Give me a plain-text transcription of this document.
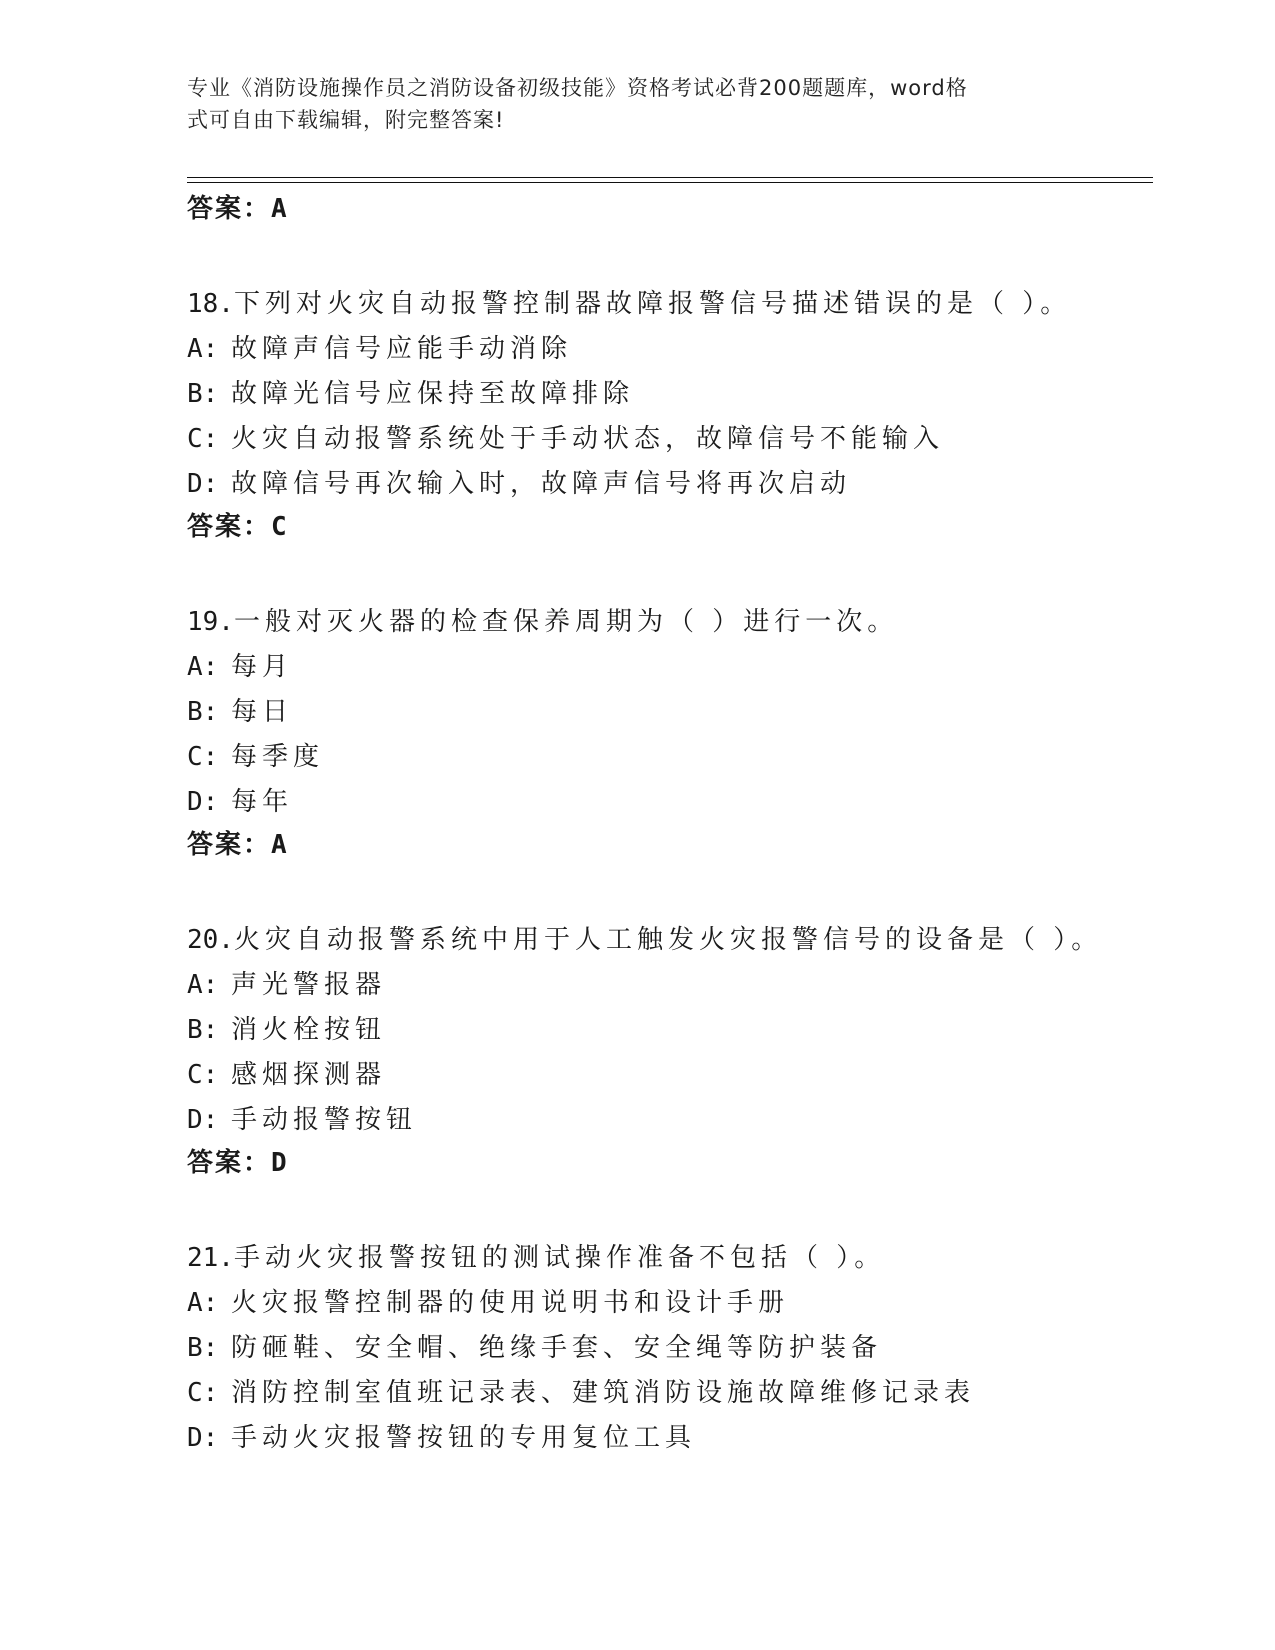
专业《消防设施操作员之消防设备初级技能》资格考试必背200题题库，word格
式可自由下载编辑，附完整答案!

答案：A

18.下列对火灾自动报警控制器故障报警信号描述错误的是（ ）。

A: 故障声信号应能手动消除

B: 故障光信号应保持至故障排除

C: 火灾自动报警系统处于手动状态，故障信号不能输入

D: 故障信号再次输入时，故障声信号将再次启动

答案：C

19.一般对灭火器的检查保养周期为（ ）进行一次。

A: 每月

B: 每日

C: 每季度

D: 每年

答案：A

20.火灾自动报警系统中用于人工触发火灾报警信号的设备是（ ）。

A: 声光警报器

B: 消火栓按钮

C: 感烟探测器

D: 手动报警按钮

答案：D

21.手动火灾报警按钮的测试操作准备不包括（ ）。

A: 火灾报警控制器的使用说明书和设计手册

B: 防砸鞋、安全帽、绝缘手套、安全绳等防护装备

C: 消防控制室值班记录表、建筑消防设施故障维修记录表

D: 手动火灾报警按钮的专用复位工具
